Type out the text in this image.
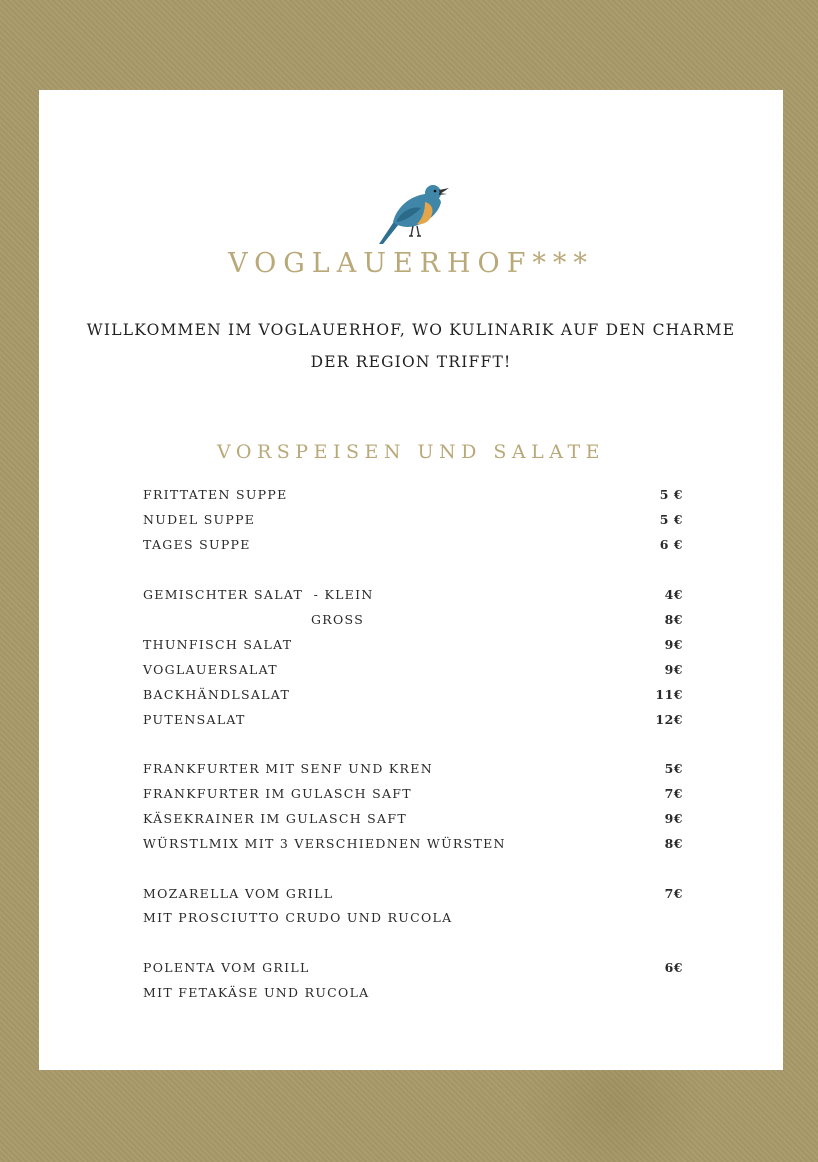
VOGLAUERHOF***
WILLKOMMEN IM VOGLAUERHOF, WO KULINARIK AUF DEN CHARME
DER REGION TRIFFT!
VORSPEISEN UND SALATE
FRITTATEN SUPPE	5 €
NUDEL SUPPE	5 €
TAGES SUPPE	6 €
GEMISCHTER SALAT  - KLEIN	4€
GROSS	8€
THUNFISCH SALAT	9€
VOGLAUERSALAT	9€
BACKHÄNDLSALAT	11€
PUTENSALAT	12€
FRANKFURTER MIT SENF UND KREN	5€
FRANKFURTER IM GULASCH SAFT	7€
KÄSEKRAINER IM GULASCH SAFT	9€
WÜRSTLMIX MIT 3 VERSCHIEDNEN WÜRSTEN	8€
MOZARELLA VOM GRILL	7€
MIT PROSCIUTTO CRUDO UND RUCOLA
POLENTA VOM GRILL	6€
MIT FETAKÄSE UND RUCOLA
